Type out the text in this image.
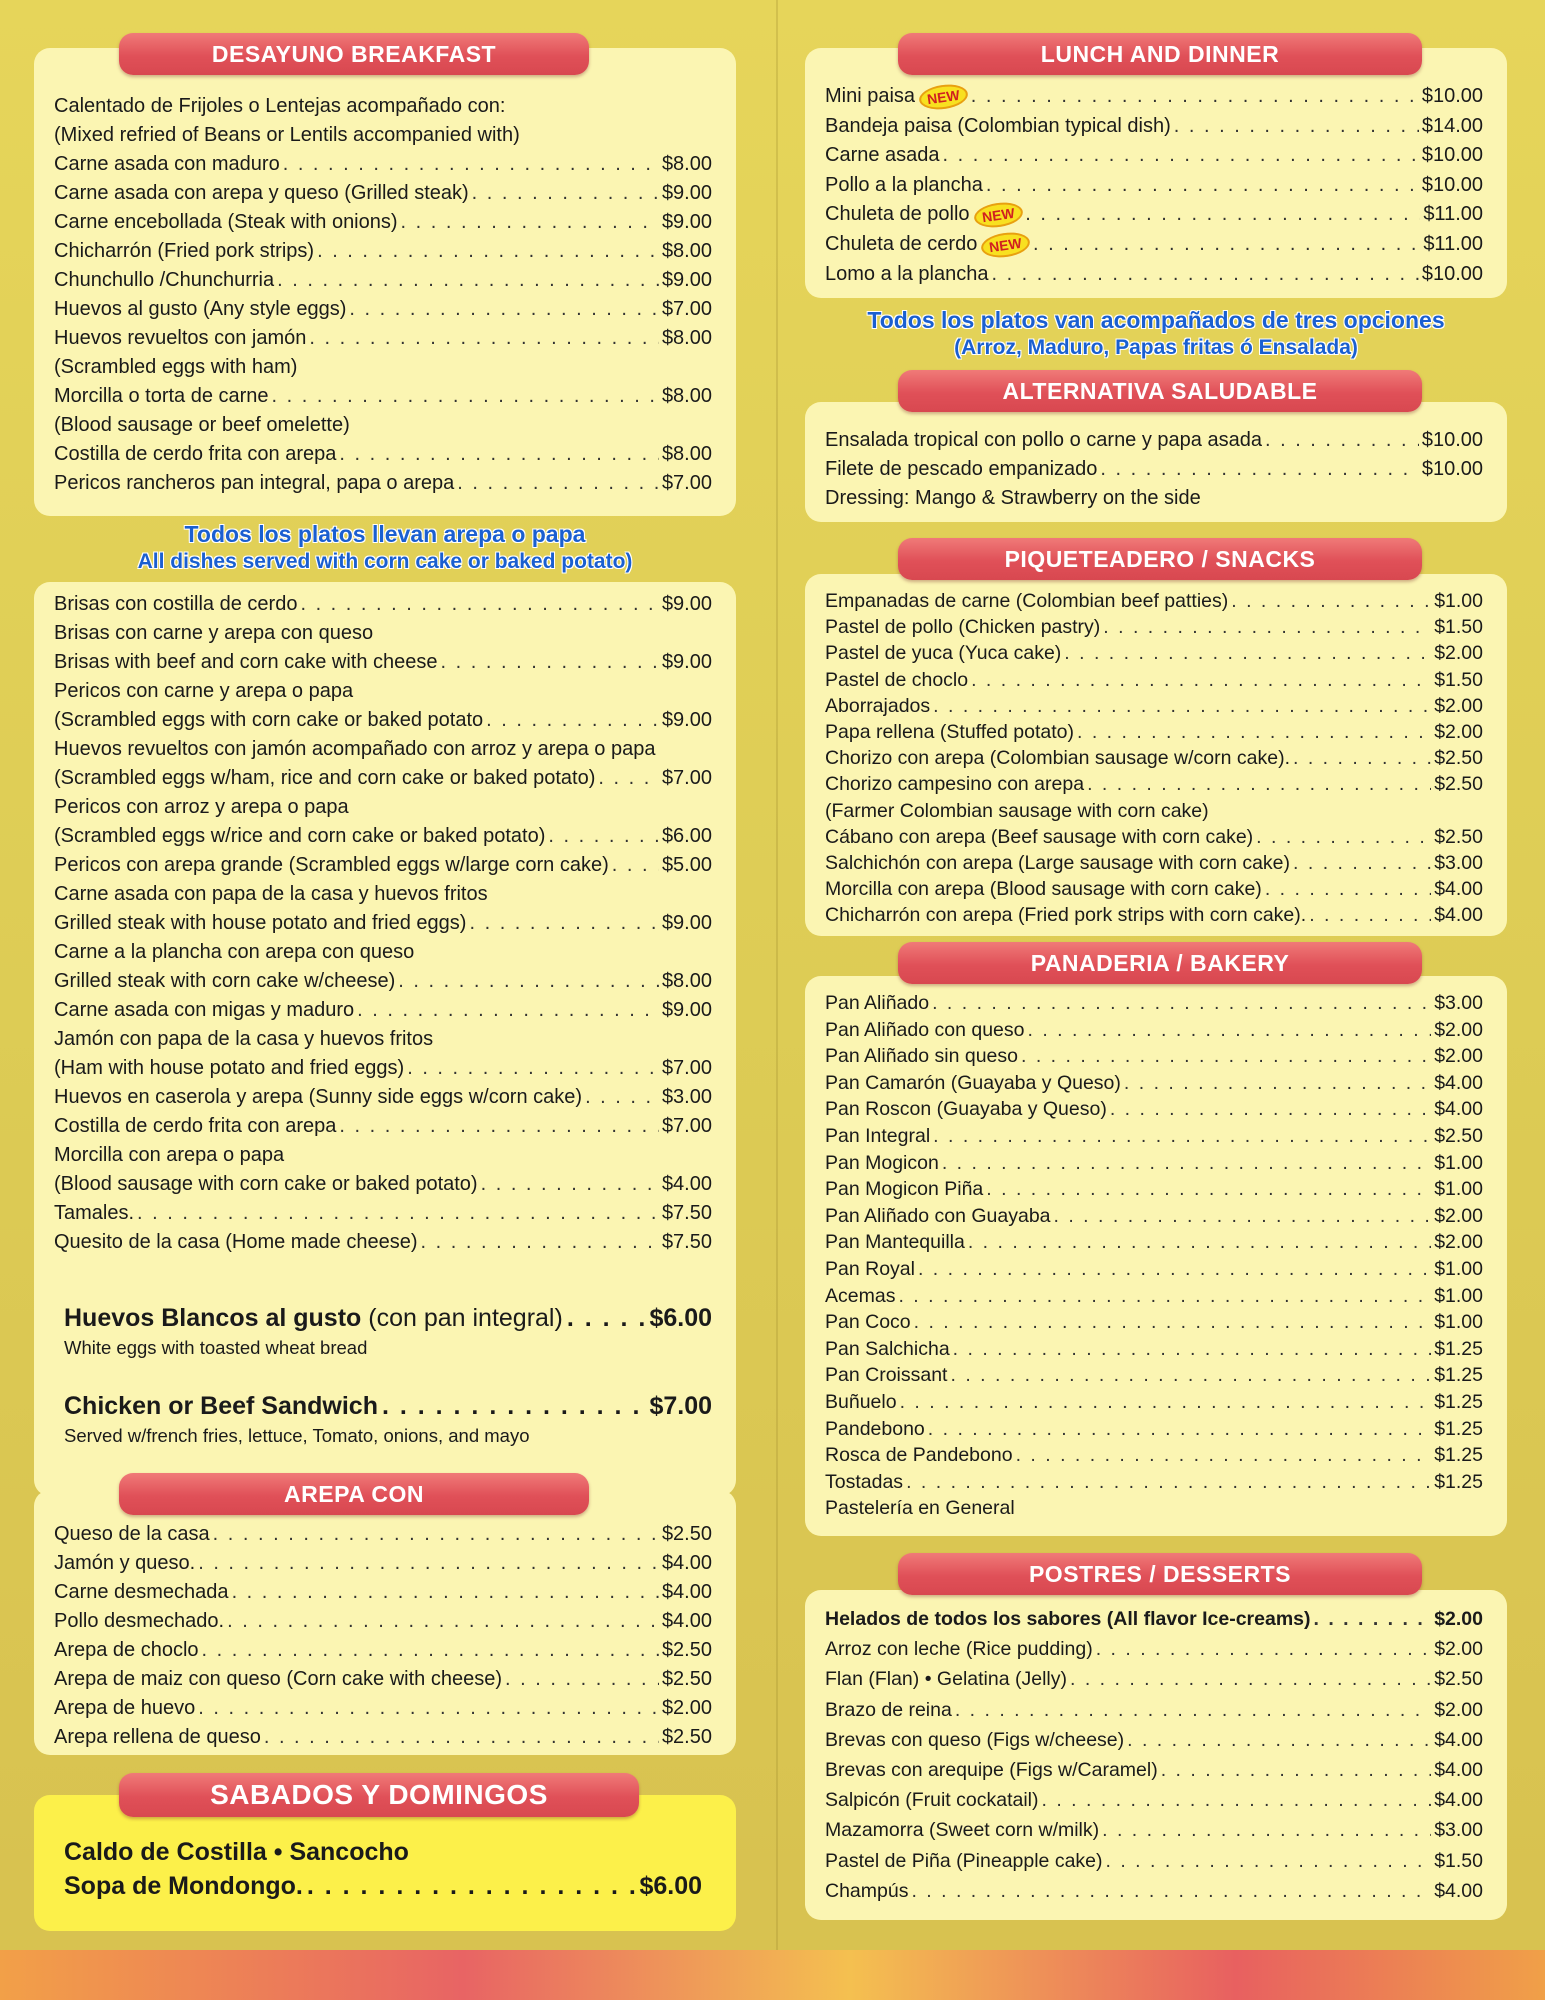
Calentado de Frijoles o Lentejas acompañado con:
(Mixed refried of Beans or Lentils accompanied with)
Carne asada con maduro . . .	$8.00
Carne asada con arepa y queso (Grilled steak) . . .	$9.00
Carne encebollada (Steak with onions) . . .	$9.00
Chicharrón (Fried pork strips) . . .	$8.00
Chunchullo /Chunchurria . . .	$9.00
Huevos al gusto (Any style eggs) . . .	$7.00
Huevos revueltos con jamón . . .	$8.00
(Scrambled eggs with ham)
Morcilla o torta de carne . . .	$8.00
(Blood sausage or beef omelette)
Costilla de cerdo frita con arepa . . .	$8.00
Pericos rancheros pan integral, papa o arepa . . .	$7.00
DESAYUNO BREAKFAST
Todos los platos llevan arepa o papa
All dishes served with corn cake or baked potato)
Brisas con costilla de cerdo . . .	$9.00
Brisas con carne y arepa con queso
Brisas with beef and corn cake with cheese . . .	$9.00
Pericos con carne y arepa o papa
(Scrambled eggs with corn cake or baked potato . . .	$9.00
Huevos revueltos con jamón acompañado con arroz y arepa o papa
(Scrambled eggs w/ham, rice and corn cake or baked potato) . . .	$7.00
Pericos con arroz y arepa o papa
(Scrambled eggs w/rice and corn cake or baked potato) . . .	$6.00
Pericos con arepa grande (Scrambled eggs w/large corn cake) . . .	$5.00
Carne asada con papa de la casa y huevos fritos
Grilled steak with house potato and fried eggs) . . .	$9.00
Carne a la plancha con arepa con queso
Grilled steak with corn cake w/cheese) . . .	$8.00
Carne asada con migas y maduro . . .	$9.00
Jamón con papa de la casa y huevos fritos
(Ham with house potato and fried eggs) . . .	$7.00
Huevos en caserola y arepa (Sunny side eggs w/corn cake) . . .	$3.00
Costilla de cerdo frita con arepa . . .	$7.00
Morcilla con arepa o papa
(Blood sausage with corn cake or baked potato) . . .	$4.00
Tamales. . . .	$7.50
Quesito de la casa (Home made cheese) . . .	$7.50
Huevos Blancos al gusto
(con pan integral) . . .	$6.00
White eggs with toasted wheat bread
Chicken or Beef Sandwich . . .	$7.00
Served w/french fries, lettuce, Tomato, onions, and mayo
Queso de la casa . . .	$2.50
Jamón y queso. . . .	$4.00
Carne desmechada . . .	$4.00
Pollo desmechado. . . .	$4.00
Arepa de choclo . . .	$2.50
Arepa de maiz con queso (Corn cake with cheese) . . .	$2.50
Arepa de huevo . . .	$2.00
Arepa rellena de queso . . .	$2.50
AREPA CON
Caldo de Costilla • Sancocho
Sopa de Mondongo. . . .	$6.00
SABADOS Y DOMINGOS
Mini paisa NEW . . .	$10.00
Bandeja paisa (Colombian typical dish) . . .	$14.00
Carne asada . . .	$10.00
Pollo a la plancha . . .	$10.00
Chuleta de pollo NEW . . .	$11.00
Chuleta de cerdo NEW . . .	$11.00
Lomo a la plancha . . .	$10.00
LUNCH AND DINNER
Todos los platos van acompañados de tres opciones
(Arroz, Maduro, Papas fritas ó Ensalada)
Ensalada tropical con pollo o carne y papa asada . . .	$10.00
Filete de pescado empanizado . . .	$10.00
Dressing: Mango & Strawberry on the side
ALTERNATIVA SALUDABLE
Empanadas de carne (Colombian beef patties) . . .	$1.00
Pastel de pollo (Chicken pastry) . . .	$1.50
Pastel de yuca (Yuca cake) . . .	$2.00
Pastel de choclo . . .	$1.50
Aborrajados . . .	$2.00
Papa rellena (Stuffed potato) . . .	$2.00
Chorizo con arepa (Colombian sausage w/corn cake). . . .	$2.50
Chorizo campesino con arepa . . .	$2.50
(Farmer Colombian sausage with corn cake)
Cábano con arepa (Beef sausage with corn cake) . . .	$2.50
Salchichón con arepa (Large sausage with corn cake) . . .	$3.00
Morcilla con arepa (Blood sausage with corn cake) . . .	$4.00
Chicharrón con arepa (Fried pork strips with corn cake). . . .	$4.00
PIQUETEADERO / SNACKS
Pan Aliñado . . .	$3.00
Pan Aliñado con queso . . .	$2.00
Pan Aliñado sin queso . . .	$2.00
Pan Camarón (Guayaba y Queso) . . .	$4.00
Pan Roscon (Guayaba y Queso) . . .	$4.00
Pan Integral . . .	$2.50
Pan Mogicon . . .	$1.00
Pan Mogicon Piña . . .	$1.00
Pan Aliñado con Guayaba . . .	$2.00
Pan Mantequilla . . .	$2.00
Pan Royal . . .	$1.00
Acemas . . .	$1.00
Pan Coco . . .	$1.00
Pan Salchicha . . .	$1.25
Pan Croissant . . .	$1.25
Buñuelo . . .	$1.25
Pandebono . . .	$1.25
Rosca de Pandebono . . .	$1.25
Tostadas . . .	$1.25
Pastelería en General
PANADERIA / BAKERY
Helados de todos los sabores (All flavor Ice-creams) . . .	$2.00
Arroz con leche (Rice pudding) . . .	$2.00
Flan (Flan) • Gelatina (Jelly) . . .	$2.50
Brazo de reina . . .	$2.00
Brevas con queso (Figs w/cheese) . . .	$4.00
Brevas con arequipe (Figs w/Caramel) . . .	$4.00
Salpicón (Fruit cockatail) . . .	$4.00
Mazamorra (Sweet corn w/milk) . . .	$3.00
Pastel de Piña (Pineapple cake) . . .	$1.50
Champús . . .	$4.00
POSTRES / DESSERTS
